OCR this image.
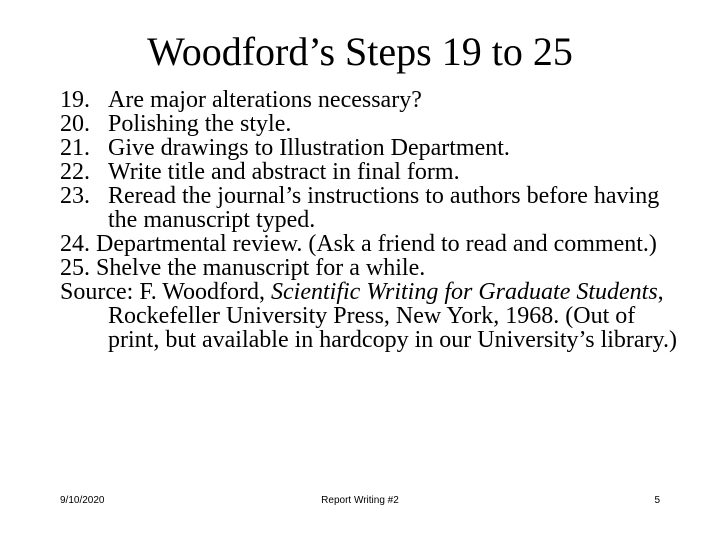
Woodford’s Steps 19 to 25
19. Are major alterations necessary?
20. Polishing the style.
21. Give drawings to Illustration Department.
22. Write title and abstract in final form.
23. Reread the journal’s instructions to authors before having the manuscript typed.
24. Departmental review. (Ask a friend to read and comment.)
25. Shelve the manuscript for a while.
Source: F. Woodford, Scientific Writing for Graduate Students, Rockefeller University Press, New York, 1968. (Out of print, but available in hardcopy in our University’s library.)
9/10/2020	Report Writing #2	5
